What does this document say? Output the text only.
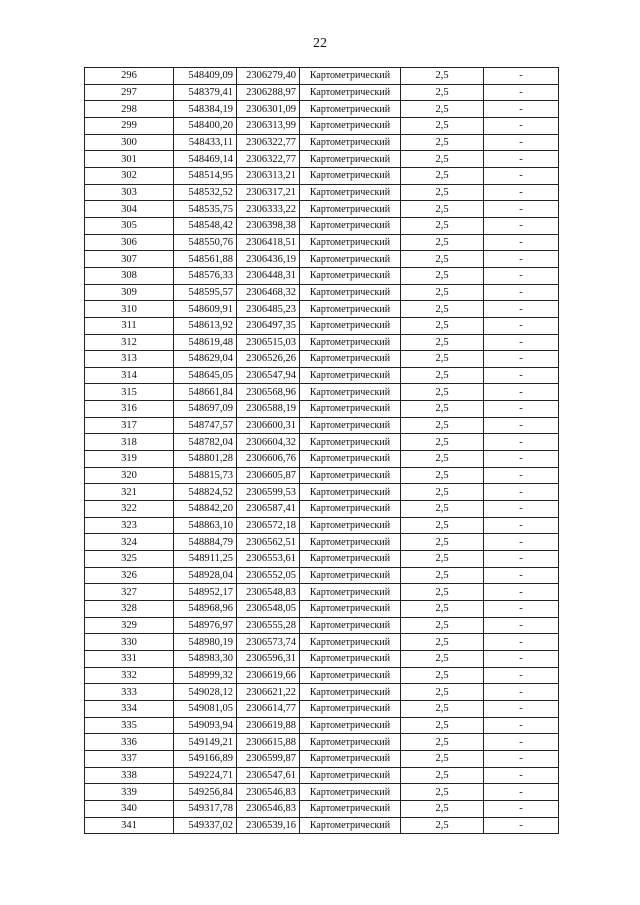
22
296	548409,09	2306279,40	Картометрический	2,5	-
297	548379,41	2306288,97	Картометрический	2,5	-
298	548384,19	2306301,09	Картометрический	2,5	-
299	548400,20	2306313,99	Картометрический	2,5	-
300	548433,11	2306322,77	Картометрический	2,5	-
301	548469,14	2306322,77	Картометрический	2,5	-
302	548514,95	2306313,21	Картометрический	2,5	-
303	548532,52	2306317,21	Картометрический	2,5	-
304	548535,75	2306333,22	Картометрический	2,5	-
305	548548,42	2306398,38	Картометрический	2,5	-
306	548550,76	2306418,51	Картометрический	2,5	-
307	548561,88	2306436,19	Картометрический	2,5	-
308	548576,33	2306448,31	Картометрический	2,5	-
309	548595,57	2306468,32	Картометрический	2,5	-
310	548609,91	2306485,23	Картометрический	2,5	-
311	548613,92	2306497,35	Картометрический	2,5	-
312	548619,48	2306515,03	Картометрический	2,5	-
313	548629,04	2306526,26	Картометрический	2,5	-
314	548645,05	2306547,94	Картометрический	2,5	-
315	548661,84	2306568,96	Картометрический	2,5	-
316	548697,09	2306588,19	Картометрический	2,5	-
317	548747,57	2306600,31	Картометрический	2,5	-
318	548782,04	2306604,32	Картометрический	2,5	-
319	548801,28	2306606,76	Картометрический	2,5	-
320	548815,73	2306605,87	Картометрический	2,5	-
321	548824,52	2306599,53	Картометрический	2,5	-
322	548842,20	2306587,41	Картометрический	2,5	-
323	548863,10	2306572,18	Картометрический	2,5	-
324	548884,79	2306562,51	Картометрический	2,5	-
325	548911,25	2306553,61	Картометрический	2,5	-
326	548928,04	2306552,05	Картометрический	2,5	-
327	548952,17	2306548,83	Картометрический	2,5	-
328	548968,96	2306548,05	Картометрический	2,5	-
329	548976,97	2306555,28	Картометрический	2,5	-
330	548980,19	2306573,74	Картометрический	2,5	-
331	548983,30	2306596,31	Картометрический	2,5	-
332	548999,32	2306619,66	Картометрический	2,5	-
333	549028,12	2306621,22	Картометрический	2,5	-
334	549081,05	2306614,77	Картометрический	2,5	-
335	549093,94	2306619,88	Картометрический	2,5	-
336	549149,21	2306615,88	Картометрический	2,5	-
337	549166,89	2306599,87	Картометрический	2,5	-
338	549224,71	2306547,61	Картометрический	2,5	-
339	549256,84	2306546,83	Картометрический	2,5	-
340	549317,78	2306546,83	Картометрический	2,5	-
341	549337,02	2306539,16	Картометрический	2,5	-
